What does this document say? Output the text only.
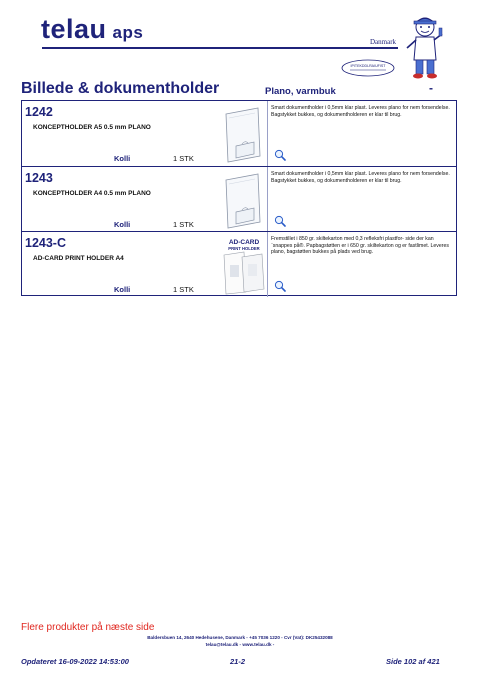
telau aps	Danmark
IPITEKDDLRAIUFIST
Billede & dokumentholder	Plano, varmbuk	-
1242
KONCEPTHOLDER A5 0.5 mm PLANO
Kolli	1 STK
Smart dokumentholder i 0,5mm klar plast. Leveres plano for nem forsendelse. Bagstykket bukkes, og dokumentholderen er klar til brug.
1243
KONCEPTHOLDER A4 0.5 mm PLANO
Kolli	1 STK
Smart dokumentholder i 0,5mm klar plast. Leveres plano for nem forsendelse. Bagstykket bukkes, og dokumentholderen er klar til brug.
1243-C
AD-CARD PRINT HOLDER A4
Kolli	1 STK
AD-CARD
PRINT HOLDER
Fremstillet i 850 gr. skiltekarton med 0,3 refleksfri plastfor- side der kan ¨snappes på®. Papbagstøtten er i 650 gr. skiltekarton og er fastlimet. Leveres plano, bagstøtten bukkes på plads ved brug.
Flere produkter på næste side
Baldersbuen 14, 2640 Hedehusene, Danmark - +45 7036 1220 - Cvr (Vat): DK25432088
telau@telau.dk - www.telau.dk -
Opdateret 16-09-2022 14:53:00	21-2	Side 102 af 421
